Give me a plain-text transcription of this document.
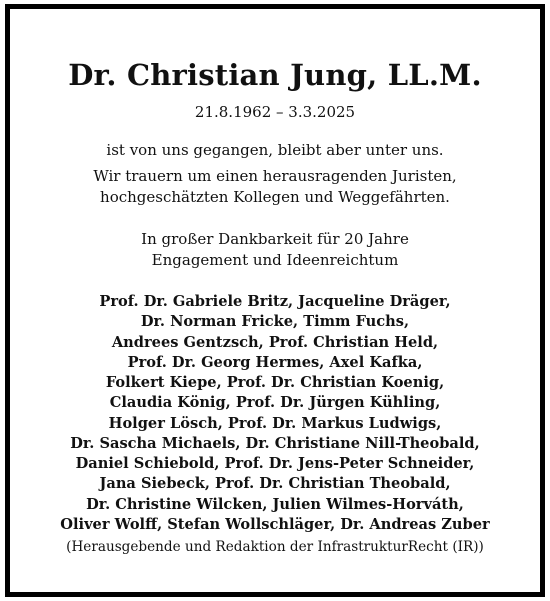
Dr. Christian Jung, LL.M.
21.8.1962 – 3.3.2025
ist von uns gegangen, bleibt aber unter uns.
Wir trauern um einen herausragenden Juristen,
hochgeschätzten Kollegen und Weggefährten.
In großer Dankbarkeit für 20 Jahre
Engagement und Ideenreichtum
Prof. Dr. Gabriele Britz, Jacqueline Dräger,
Dr. Norman Fricke, Timm Fuchs,
Andrees Gentzsch, Prof. Christian Held,
Prof. Dr. Georg Hermes, Axel Kafka,
Folkert Kiepe, Prof. Dr. Christian Koenig,
Claudia König, Prof. Dr. Jürgen Kühling,
Holger Lösch, Prof. Dr. Markus Ludwigs,
Dr. Sascha Michaels, Dr. Christiane Nill-Theobald,
Daniel Schiebold, Prof. Dr. Jens-Peter Schneider,
Jana Siebeck, Prof. Dr. Christian Theobald,
Dr. Christine Wilcken, Julien Wilmes-Horváth,
Oliver Wolff, Stefan Wollschläger, Dr. Andreas Zuber
(Herausgebende und Redaktion der InfrastrukturRecht (IR))
